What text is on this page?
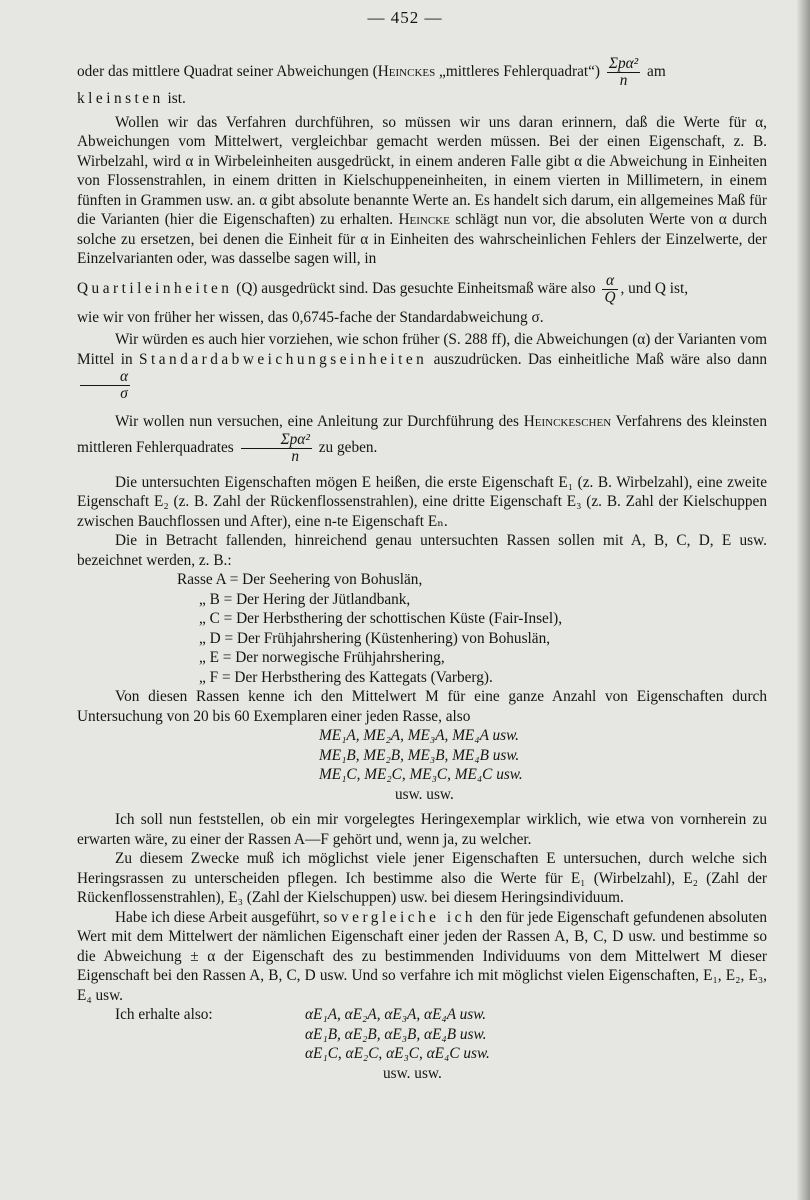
— 452 —

oder das mittlere Quadrat seiner Abweichungen (Heinckes „mittleres Fehlerquadrat“) $\frac{\text{Σpα²}}{n}$ am
kleinsten ist.

Wollen wir das Verfahren durchführen, so müssen wir uns daran erinnern, daß die Werte für α, Abweichungen vom Mittelwert, vergleichbar gemacht werden müssen. Bei der einen Eigenschaft, z. B. Wirbelzahl, wird α in Wirbeleinheiten ausgedrückt, in einem anderen Falle gibt α die Abweichung in Einheiten von Flossenstrahlen, in einem dritten in Kielschuppeneinheiten, in einem vierten in Millimetern, in einem fünften in Grammen usw. an. α gibt absolute benannte Werte an. Es handelt sich darum, ein allgemeines Maß für die Varianten (hier die Eigenschaften) zu erhalten. Heincke schlägt nun vor, die absoluten Werte von α durch solche zu ersetzen, bei denen die Einheit für α in Einheiten des wahrscheinlichen Fehlers der Einzelwerte, der Einzelvarianten oder, was dasselbe sagen will, in

Quartileinheiten (Q) ausgedrückt sind. Das gesuchte Einheitsmaß wäre also $\frac{\alpha}{Q}$ , und Q ist,

wie wir von früher her wissen, das 0,6745-fache der Standardabweichung σ.

Wir würden es auch hier vorziehen, wie schon früher (S. 288 ff), die Abweichungen (α) der Varianten vom Mittel in Standardabweichungseinheiten auszudrücken. Das einheitliche Maß wäre also dann
$\frac{\alpha}{\sigma}$

Wir wollen nun versuchen, eine Anleitung zur Durchführung des Heinckeschen Verfahrens des kleinsten mittleren Fehlerquadrates $\frac{\text{Σpα²}}{n}$ zu geben.

Die untersuchten Eigenschaften mögen E heißen, die erste Eigenschaft E₁ (z. B. Wirbelzahl), eine zweite Eigenschaft E₂ (z. B. Zahl der Rückenflossenstrahlen), eine dritte Eigenschaft E₃ (z. B. Zahl der Kielschuppen zwischen Bauchflossen und After), eine n-te Eigenschaft Eₙ.

Die in Betracht fallenden, hinreichend genau untersuchten Rassen sollen mit A, B, C, D, E usw. bezeichnet werden, z. B.:

Rasse A = Der Seehering von Bohuslän,

„ B = Der Hering der Jütlandbank,

„ C = Der Herbsthering der schottischen Küste (Fair-Insel),

„ D = Der Frühjahrshering (Küstenhering) von Bohuslän,

„ E = Der norwegische Frühjahrshering,

„ F = Der Herbsthering des Kattegats (Varberg).

Von diesen Rassen kenne ich den Mittelwert M für eine ganze Anzahl von Eigenschaften durch Untersuchung von 20 bis 60 Exemplaren einer jeden Rasse, also

ME₁A, ME₂A, ME₃A, ME₄A usw.

ME₁B, ME₂B, ME₃B, ME₄B usw.

ME₁C, ME₂C, ME₃C, ME₄C usw.

usw. usw.

Ich soll nun feststellen, ob ein mir vorgelegtes Heringexemplar wirklich, wie etwa von vornherein zu erwarten wäre, zu einer der Rassen A—F gehört und, wenn ja, zu welcher.

Zu diesem Zwecke muß ich möglichst viele jener Eigenschaften E untersuchen, durch welche sich Heringsrassen zu unterscheiden pflegen. Ich bestimme also die Werte für E₁ (Wirbelzahl), E₂ (Zahl der Rückenflossenstrahlen), E₃ (Zahl der Kielschuppen) usw. bei diesem Heringsindividuum.

Habe ich diese Arbeit ausgeführt, so vergleiche ich den für jede Eigenschaft gefundenen absoluten Wert mit dem Mittelwert der nämlichen Eigenschaft einer jeden der Rassen A, B, C, D usw. und bestimme so die Abweichung ± α der Eigenschaft des zu bestimmenden Individuums von dem Mittelwert M dieser Eigenschaft bei den Rassen A, B, C, D usw. Und so verfahre ich mit möglichst vielen Eigenschaften, E₁, E₂, E₃, E₄ usw.

Ich erhalte also:	αE₁A, αE₂A, αE₃A, αE₄A usw.

αE₁B, αE₂B, αE₃B, αE₄B usw.

αE₁C, αE₂C, αE₃C, αE₄C usw.

usw. usw.
